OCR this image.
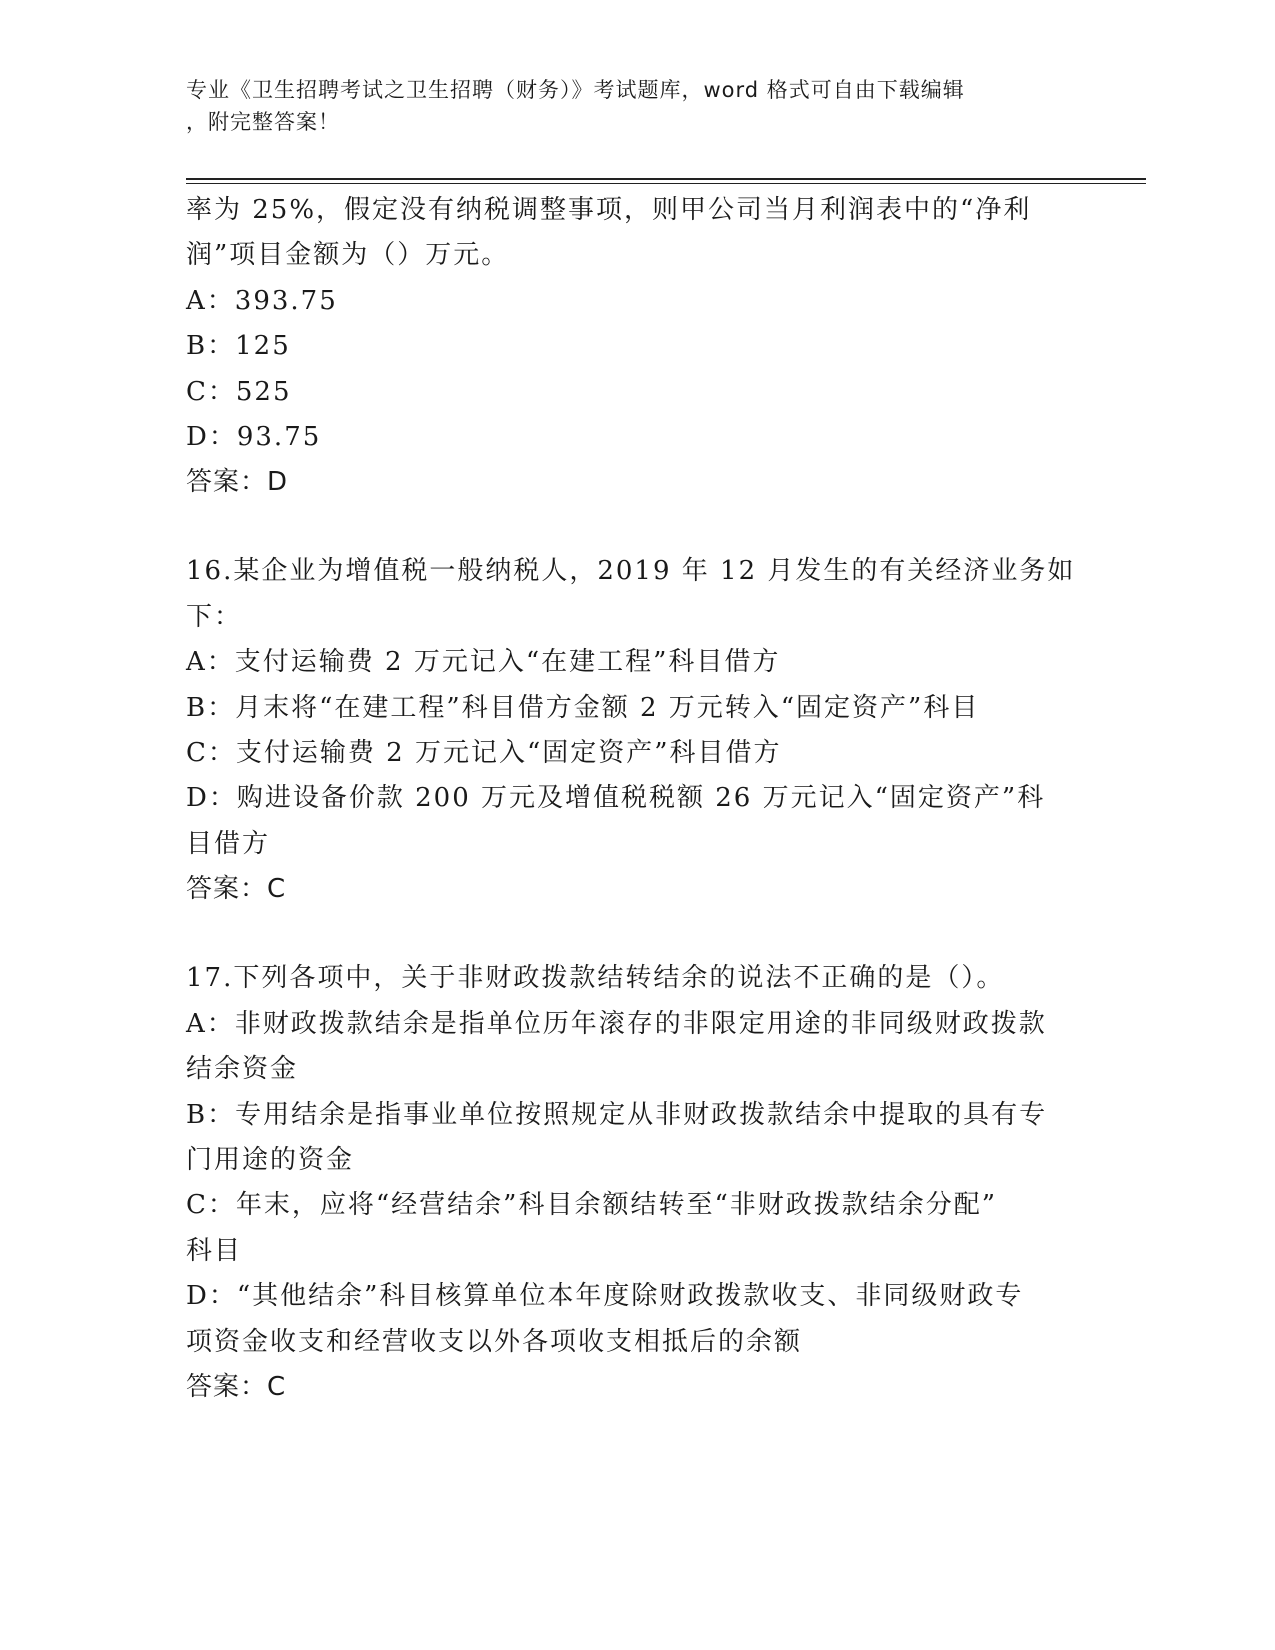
专业《卫生招聘考试之卫生招聘（财务）》考试题库，word 格式可自由下载编辑
，附完整答案！
率为 25%，假定没有纳税调整事项，则甲公司当月利润表中的“净利
润”项目金额为（）万元。
A：393.75
B：125
C：525
D：93.75
答案：D
16.某企业为增值税一般纳税人，2019 年 12 月发生的有关经济业务如
下：
A：支付运输费 2 万元记入“在建工程”科目借方
B：月末将“在建工程”科目借方金额 2 万元转入“固定资产”科目
C：支付运输费 2 万元记入“固定资产”科目借方
D：购进设备价款 200 万元及增值税税额 26 万元记入“固定资产”科
目借方
答案：C
17.下列各项中，关于非财政拨款结转结余的说法不正确的是（）。
A：非财政拨款结余是指单位历年滚存的非限定用途的非同级财政拨款
结余资金
B：专用结余是指事业单位按照规定从非财政拨款结余中提取的具有专
门用途的资金
C：年末，应将“经营结余”科目余额结转至“非财政拨款结余分配”
科目
D：“其他结余”科目核算单位本年度除财政拨款收支、非同级财政专
项资金收支和经营收支以外各项收支相抵后的余额
答案：C
